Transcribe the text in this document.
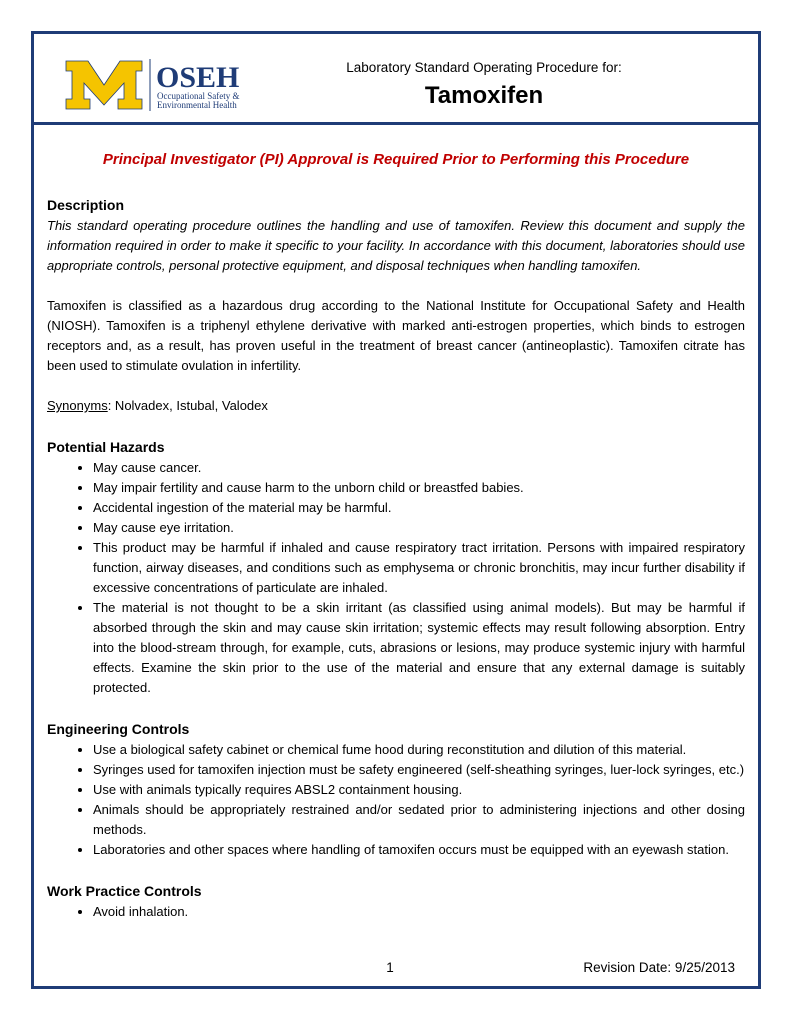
OSEH
Occupational Safety &
Environmental Health
Laboratory Standard Operating Procedure for:
Tamoxifen
Principal Investigator (PI) Approval is Required Prior to Performing this Procedure
Description

This standard operating procedure outlines the handling and use of tamoxifen. Review this document and supply the information required in order to make it specific to your facility. In accordance with this document, laboratories should use appropriate controls, personal protective equipment, and disposal techniques when handling tamoxifen.

Tamoxifen is classified as a hazardous drug according to the National Institute for Occupational Safety and Health (NIOSH). Tamoxifen is a triphenyl ethylene derivative with marked anti-estrogen properties, which binds to estrogen receptors and, as a result, has proven useful in the treatment of breast cancer (antineoplastic). Tamoxifen citrate has been used to stimulate ovulation in infertility.

Synonyms: Nolvadex, Istubal, Valodex

Potential Hazards
• May cause cancer.
• May impair fertility and cause harm to the unborn child or breastfed babies.
• Accidental ingestion of the material may be harmful.
• May cause eye irritation.
• This product may be harmful if inhaled and cause respiratory tract irritation. Persons with impaired respiratory function, airway diseases, and conditions such as emphysema or chronic bronchitis, may incur further disability if excessive concentrations of particulate are inhaled.
• The material is not thought to be a skin irritant (as classified using animal models). But may be harmful if absorbed through the skin and may cause skin irritation; systemic effects may result following absorption. Entry into the blood-stream through, for example, cuts, abrasions or lesions, may produce systemic injury with harmful effects. Examine the skin prior to the use of the material and ensure that any external damage is suitably protected.
Engineering Controls
• Use a biological safety cabinet or chemical fume hood during reconstitution and dilution of this material.
• Syringes used for tamoxifen injection must be safety engineered (self-sheathing syringes, luer-lock syringes, etc.)
• Use with animals typically requires ABSL2 containment housing.
• Animals should be appropriately restrained and/or sedated prior to administering injections and other dosing methods.
• Laboratories and other spaces where handling of tamoxifen occurs must be equipped with an eyewash station.
Work Practice Controls
• Avoid inhalation.
1	Revision Date: 9/25/2013
